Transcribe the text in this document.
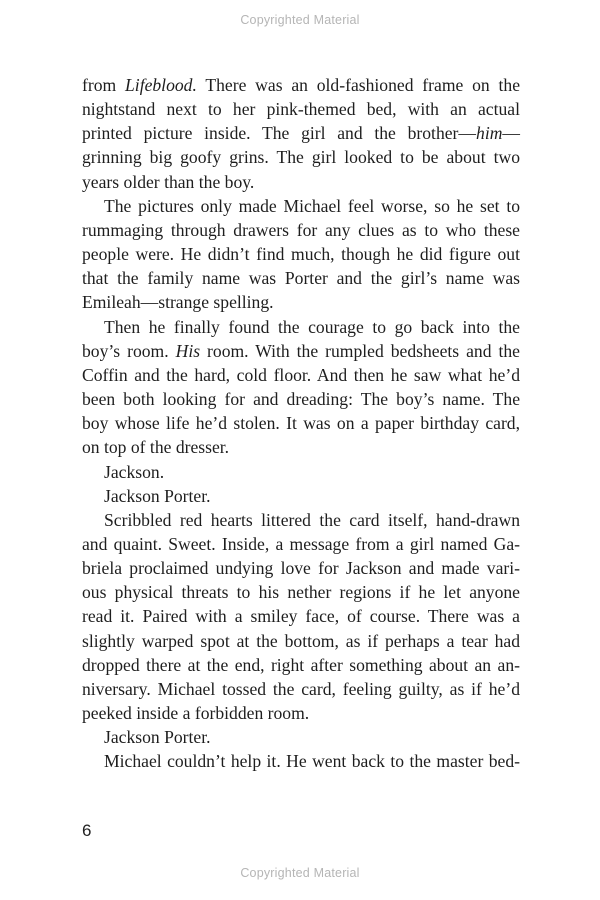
Copyrighted Material
from Lifeblood. There was an old-fashioned frame on the
nightstand next to her pink-themed bed, with an actual
printed picture inside. The girl and the brother—him—
grinning big goofy grins. The girl looked to be about two
years older than the boy.
The pictures only made Michael feel worse, so he set to
rummaging through drawers for any clues as to who these
people were. He didn’t find much, though he did figure out
that the family name was Porter and the girl’s name was
Emileah—strange spelling.
Then he finally found the courage to go back into the
boy’s room. His room. With the rumpled bedsheets and the
Coffin and the hard, cold floor. And then he saw what he’d
been both looking for and dreading: The boy’s name. The
boy whose life he’d stolen. It was on a paper birthday card,
on top of the dresser.
Jackson.
Jackson Porter.
Scribbled red hearts littered the card itself, hand-drawn
and quaint. Sweet. Inside, a message from a girl named Ga-
briela proclaimed undying love for Jackson and made vari-
ous physical threats to his nether regions if he let anyone
read it. Paired with a smiley face, of course. There was a
slightly warped spot at the bottom, as if perhaps a tear had
dropped there at the end, right after something about an an-
niversary. Michael tossed the card, feeling guilty, as if he’d
peeked inside a forbidden room.
Jackson Porter.
Michael couldn’t help it. He went back to the master bed-
6
Copyrighted Material
